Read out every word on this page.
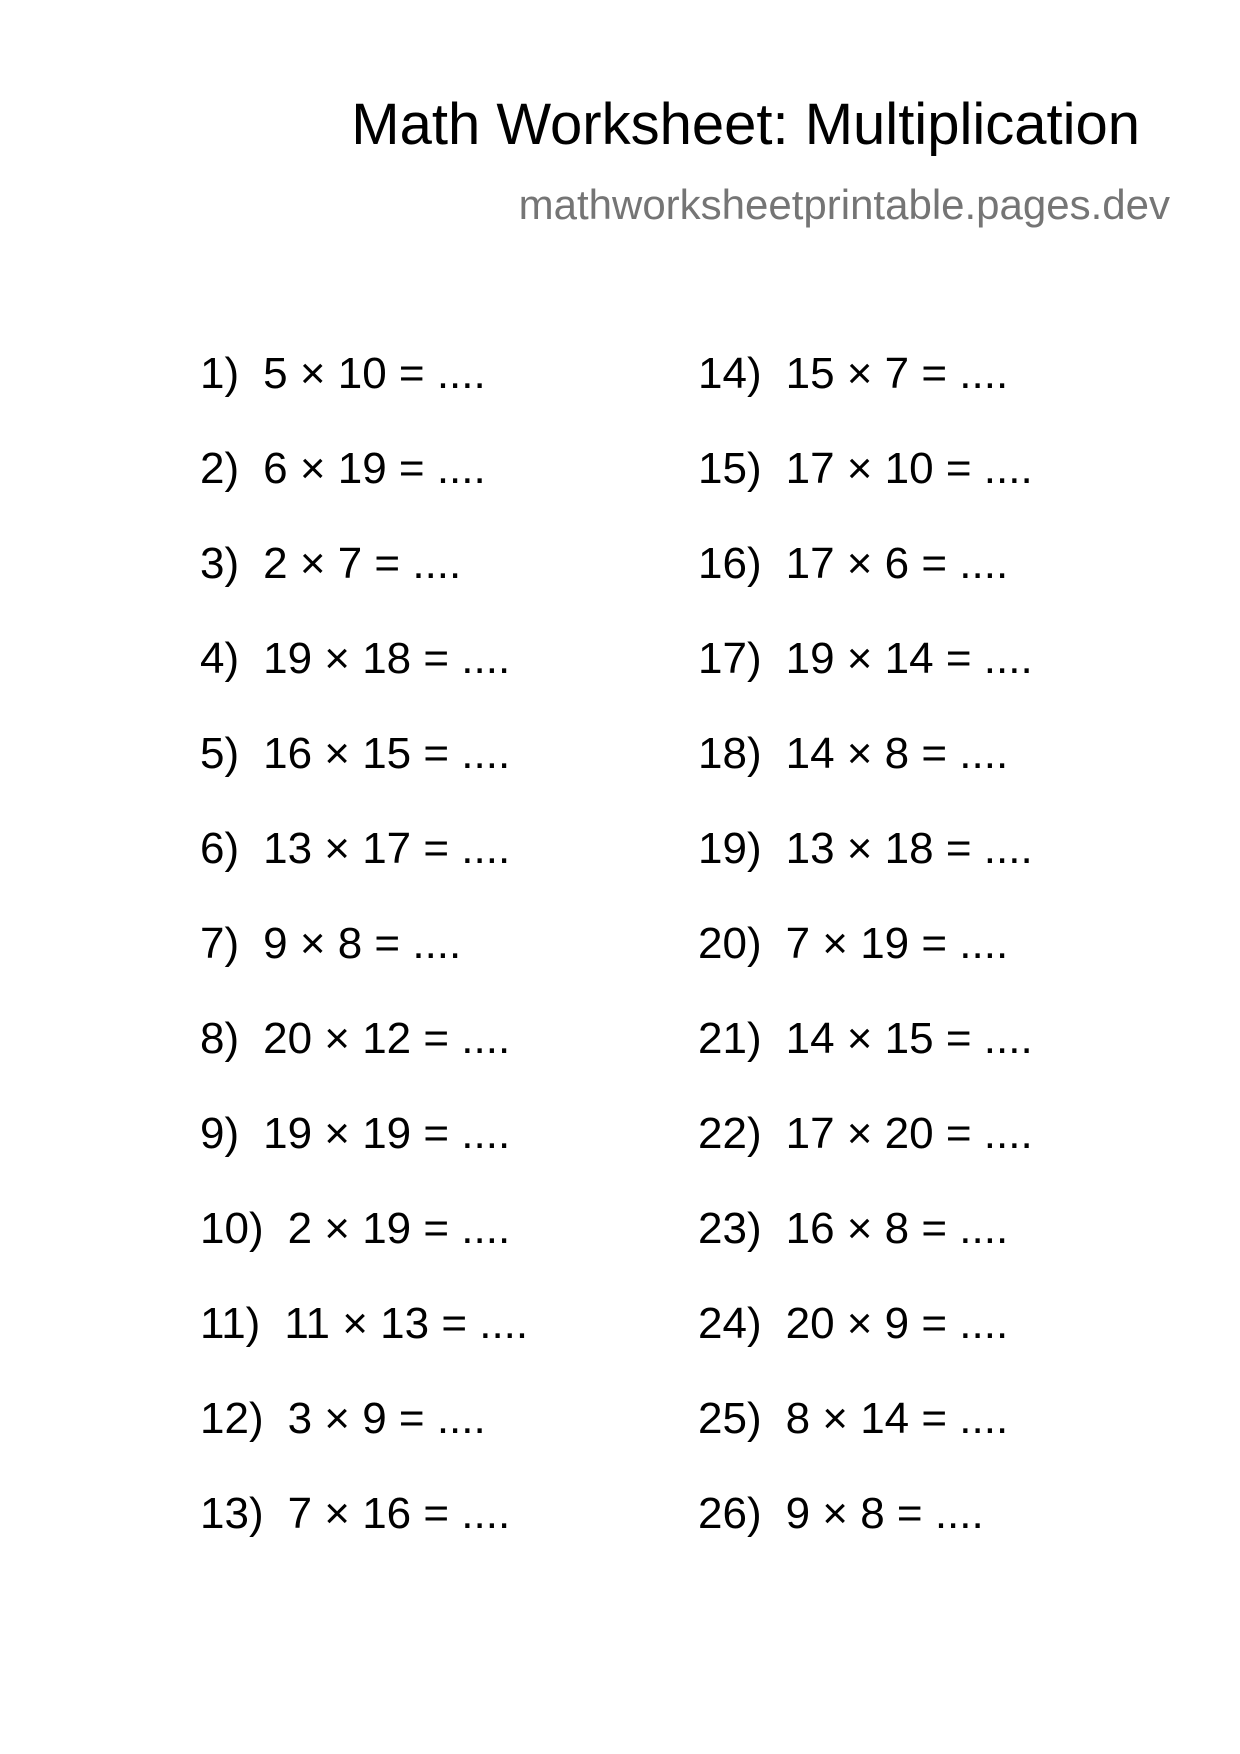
Math Worksheet: Multiplication
mathworksheetprintable.pages.dev
1) 5 × 10 = ....
2) 6 × 19 = ....
3) 2 × 7 = ....
4) 19 × 18 = ....
5) 16 × 15 = ....
6) 13 × 17 = ....
7) 9 × 8 = ....
8) 20 × 12 = ....
9) 19 × 19 = ....
10) 2 × 19 = ....
11) 11 × 13 = ....
12) 3 × 9 = ....
13) 7 × 16 = ....
14) 15 × 7 = ....
15) 17 × 10 = ....
16) 17 × 6 = ....
17) 19 × 14 = ....
18) 14 × 8 = ....
19) 13 × 18 = ....
20) 7 × 19 = ....
21) 14 × 15 = ....
22) 17 × 20 = ....
23) 16 × 8 = ....
24) 20 × 9 = ....
25) 8 × 14 = ....
26) 9 × 8 = ....
